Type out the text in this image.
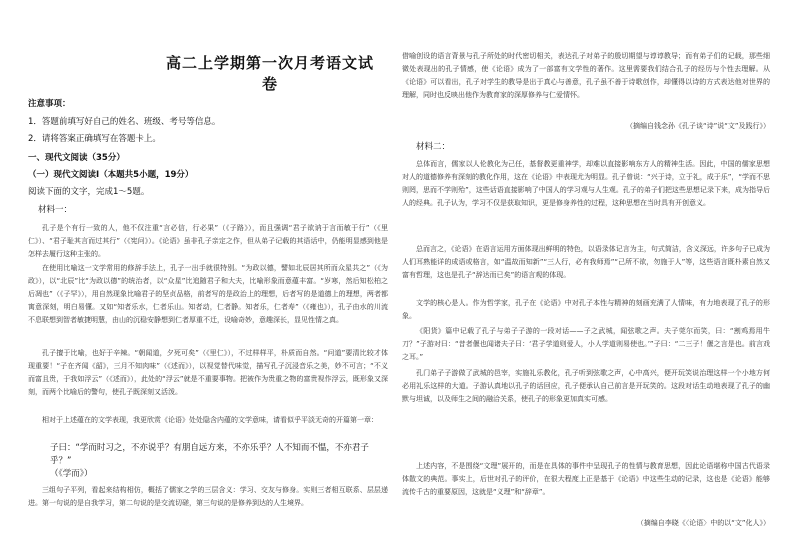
高二上学期第一次月考语文试卷
注意事项：
1．答题前填写好自己的姓名、班级、考号等信息。
2．请将答案正确填写在答题卡上。
一、现代文阅读（35分）
（一）现代文阅读Ⅰ（本题共5小题，19分）
阅读下面的文字，完成1～5题。
材料一：
孔子是个有行一致的人，他不仅注重“言必信，行必果”（《子路》），而且强调“君子欲讷于言而敏于行”（《里仁》）、“君子耻其言而过其行”（《宪问》）。《论语》虽非孔子亲定之作，但从弟子记载的其语话中，仍能明显感到他是怎样去履行这种主张的。
在使用比喻这一文学常用的修辞手法上，孔子一出手就很特别。“为政以德，譬如北辰居其所而众星共之”（《为政》），以“北辰”比“为政以德”的统治者，以“众星”比追随君子和大夫，比喻形象而意蕴丰富。“岁寒，然后知松柏之后凋也”（《子罕》），用自然现象比喻君子的坚贞品格，前者写的是政治上的理想，后者写的是道德上的理想，两者都寓意深刻，明白易懂。又如“知者乐水，仁者乐山。知者动，仁者静。知者乐，仁者寿”（《雍也》），孔子由水的川流不息联想到智者敏捷明慧，由山的沉稳安静想到仁者厚重不迁，设喻奇妙，意趣深长，显见性情之真。
孔子擅于比喻，也好于辛辣。“朝闻道，夕死可矣”（《里仁》），不过样样平，朴质而自然。“问道”要清比较才体现重要！“子在齐闻《韶》，三月不知肉味”（《述而》），以视觉替代味觉，描写孔子沉浸音乐之美，妙不可言；“不义而富且贵，于我如浮云”（《述而》），此处的“浮云”就是不重要事物。把被作为贵重之物的富贵视作浮云，既形象又深刻，而两个比喻后的警句，使孔子既深刻又活泼。
相对于上述蕴在的文学表现，我更欣赏《论语》处处隐含内蕴的文学意味，请看似乎平淡无奇的开篇第一章：
子曰：“学而时习之，不亦说乎？有朋自远方来，不亦乐乎？人不知而不愠，不亦君子乎？”
（《学而》）
三组句子平列，看起来结构相仿，概括了儒家之学的三层含义：学习、交友与修身。实则三者相互联系、层层递进。第一句说的是自我学习，第二句说的是交流切磋，第三句说的是修养到达的人生境界。
借喻创设的语言背景与孔子所处的时代密切相关，表达孔子对弟子的殷切期望与谆谆教导；而有弟子们的记载，那些细微处表现出的孔子情感，使《论语》成为了一部富有文学性的著作。这里需要我们结合孔子的经历与个性去理解。从《论语》可以看出，孔子对学生的教导是出于真心与善意，孔子虽不善于诗歌创作，却懂得以诗的方式表达他对世界的理解，同时也反映出他作为教育家的深厚修养与仁爱情怀。
（摘编自钱念孙《孔子谈“诗”说“文”及践行》）
材料二：
总体而言，儒家以人伦教化为己任，基督教更重神学，却难以直接影响东方人的精神生活。因此，中国的儒家思想对人的道德修养有深刻的教化作用，这在《论语》中表现尤为明显。孔子曾说：“兴于诗，立于礼，成于乐”，“学而不思则罔，思而不学则殆”，这些话语直接影响了中国人的学习观与人生观。孔子的弟子们把这些思想记录下来，成为指导后人的经典。孔子认为，学习不仅是获取知识，更是修身养性的过程，这种思想在当时具有开创意义。
总而言之，《论语》在语言运用方面体现出鲜明的特色，以语录体记言为主，句式简洁，含义深远，许多句子已成为人们耳熟能详的成语或格言，如“温故而知新”“三人行，必有我师焉”“己所不欲，勿施于人”等，这些语言既朴素自然又富有哲理，这也是孔子“辞达而已矣”的语言观的体现。
文学的核心是人。作为哲学家，孔子在《论语》中对孔子本性与精神的刻画充满了人情味，有力地表现了孔子的形象。
《阳货》篇中记载了孔子与弟子子游的一段对话——子之武城，闻弦歌之声。夫子莞尔而笑，曰：“割鸡焉用牛刀？”子游对曰：“昔者偃也闻诸夫子曰：‘君子学道则爱人，小人学道则易使也。’”子曰：“二三子！偃之言是也。前言戏之耳。”
孔门弟子子游做了武城的邑宰，实施礼乐教化，孔子听到弦歌之声，心中高兴，便开玩笑说治理这样一个小地方何必用礼乐这样的大道。子游认真地以孔子的话回应，孔子便承认自己前言是开玩笑的。这段对话生动地表现了孔子的幽默与坦诚，以及师生之间的融洽关系，使孔子的形象更加真实可感。
上述内容，不是围绕“文理”展开的，而是在具体的事件中呈现孔子的性情与教育思想，因此论语堪称中国古代语录体散文的典范。事实上，后世对孔子的评价，在很大程度上正是基于《论语》中这些生动的记录，这也是《论语》能够流传千古的重要原因，这就是“义理”和“辞章”。
（摘编自李晓《〈论语〉中的以“文”化人》）
